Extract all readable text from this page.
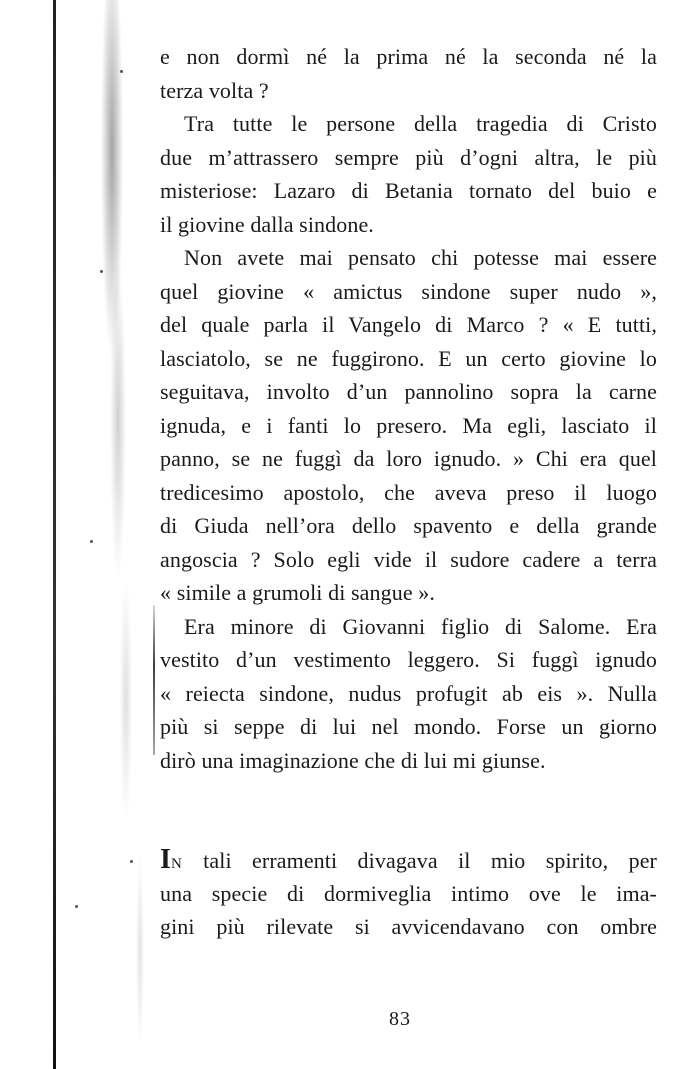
e non dormì né la prima né la seconda né la
terza volta ?

Tra tutte le persone della tragedia di Cristo
due m’attrassero sempre più d’ogni altra, le più
misteriose: Lazaro di Betania tornato del buio e
il giovine dalla sindone.

Non avete mai pensato chi potesse mai essere
quel giovine « amictus sindone super nudo »,
del quale parla il Vangelo di Marco ? « E tutti,
lasciatolo, se ne fuggirono. E un certo giovine lo
seguitava, involto d’un pannolino sopra la carne
ignuda, e i fanti lo presero. Ma egli, lasciato il
panno, se ne fuggì da loro ignudo. » Chi era quel
tredicesimo apostolo, che aveva preso il luogo
di Giuda nell’ora dello spavento e della grande
angoscia ? Solo egli vide il sudore cadere a terra
« simile a grumoli di sangue ».

Era minore di Giovanni figlio di Salome. Era
vestito d’un vestimento leggero. Si fuggì ignudo
« reiecta sindone, nudus profugit ab eis ». Nulla
più si seppe di lui nel mondo. Forse un giorno
dirò una imaginazione che di lui mi giunse.

IN tali erramenti divagava il mio spirito, per
una specie di dormiveglia intimo ove le ima-
gini più rilevate si avvicendavano con ombre

83
